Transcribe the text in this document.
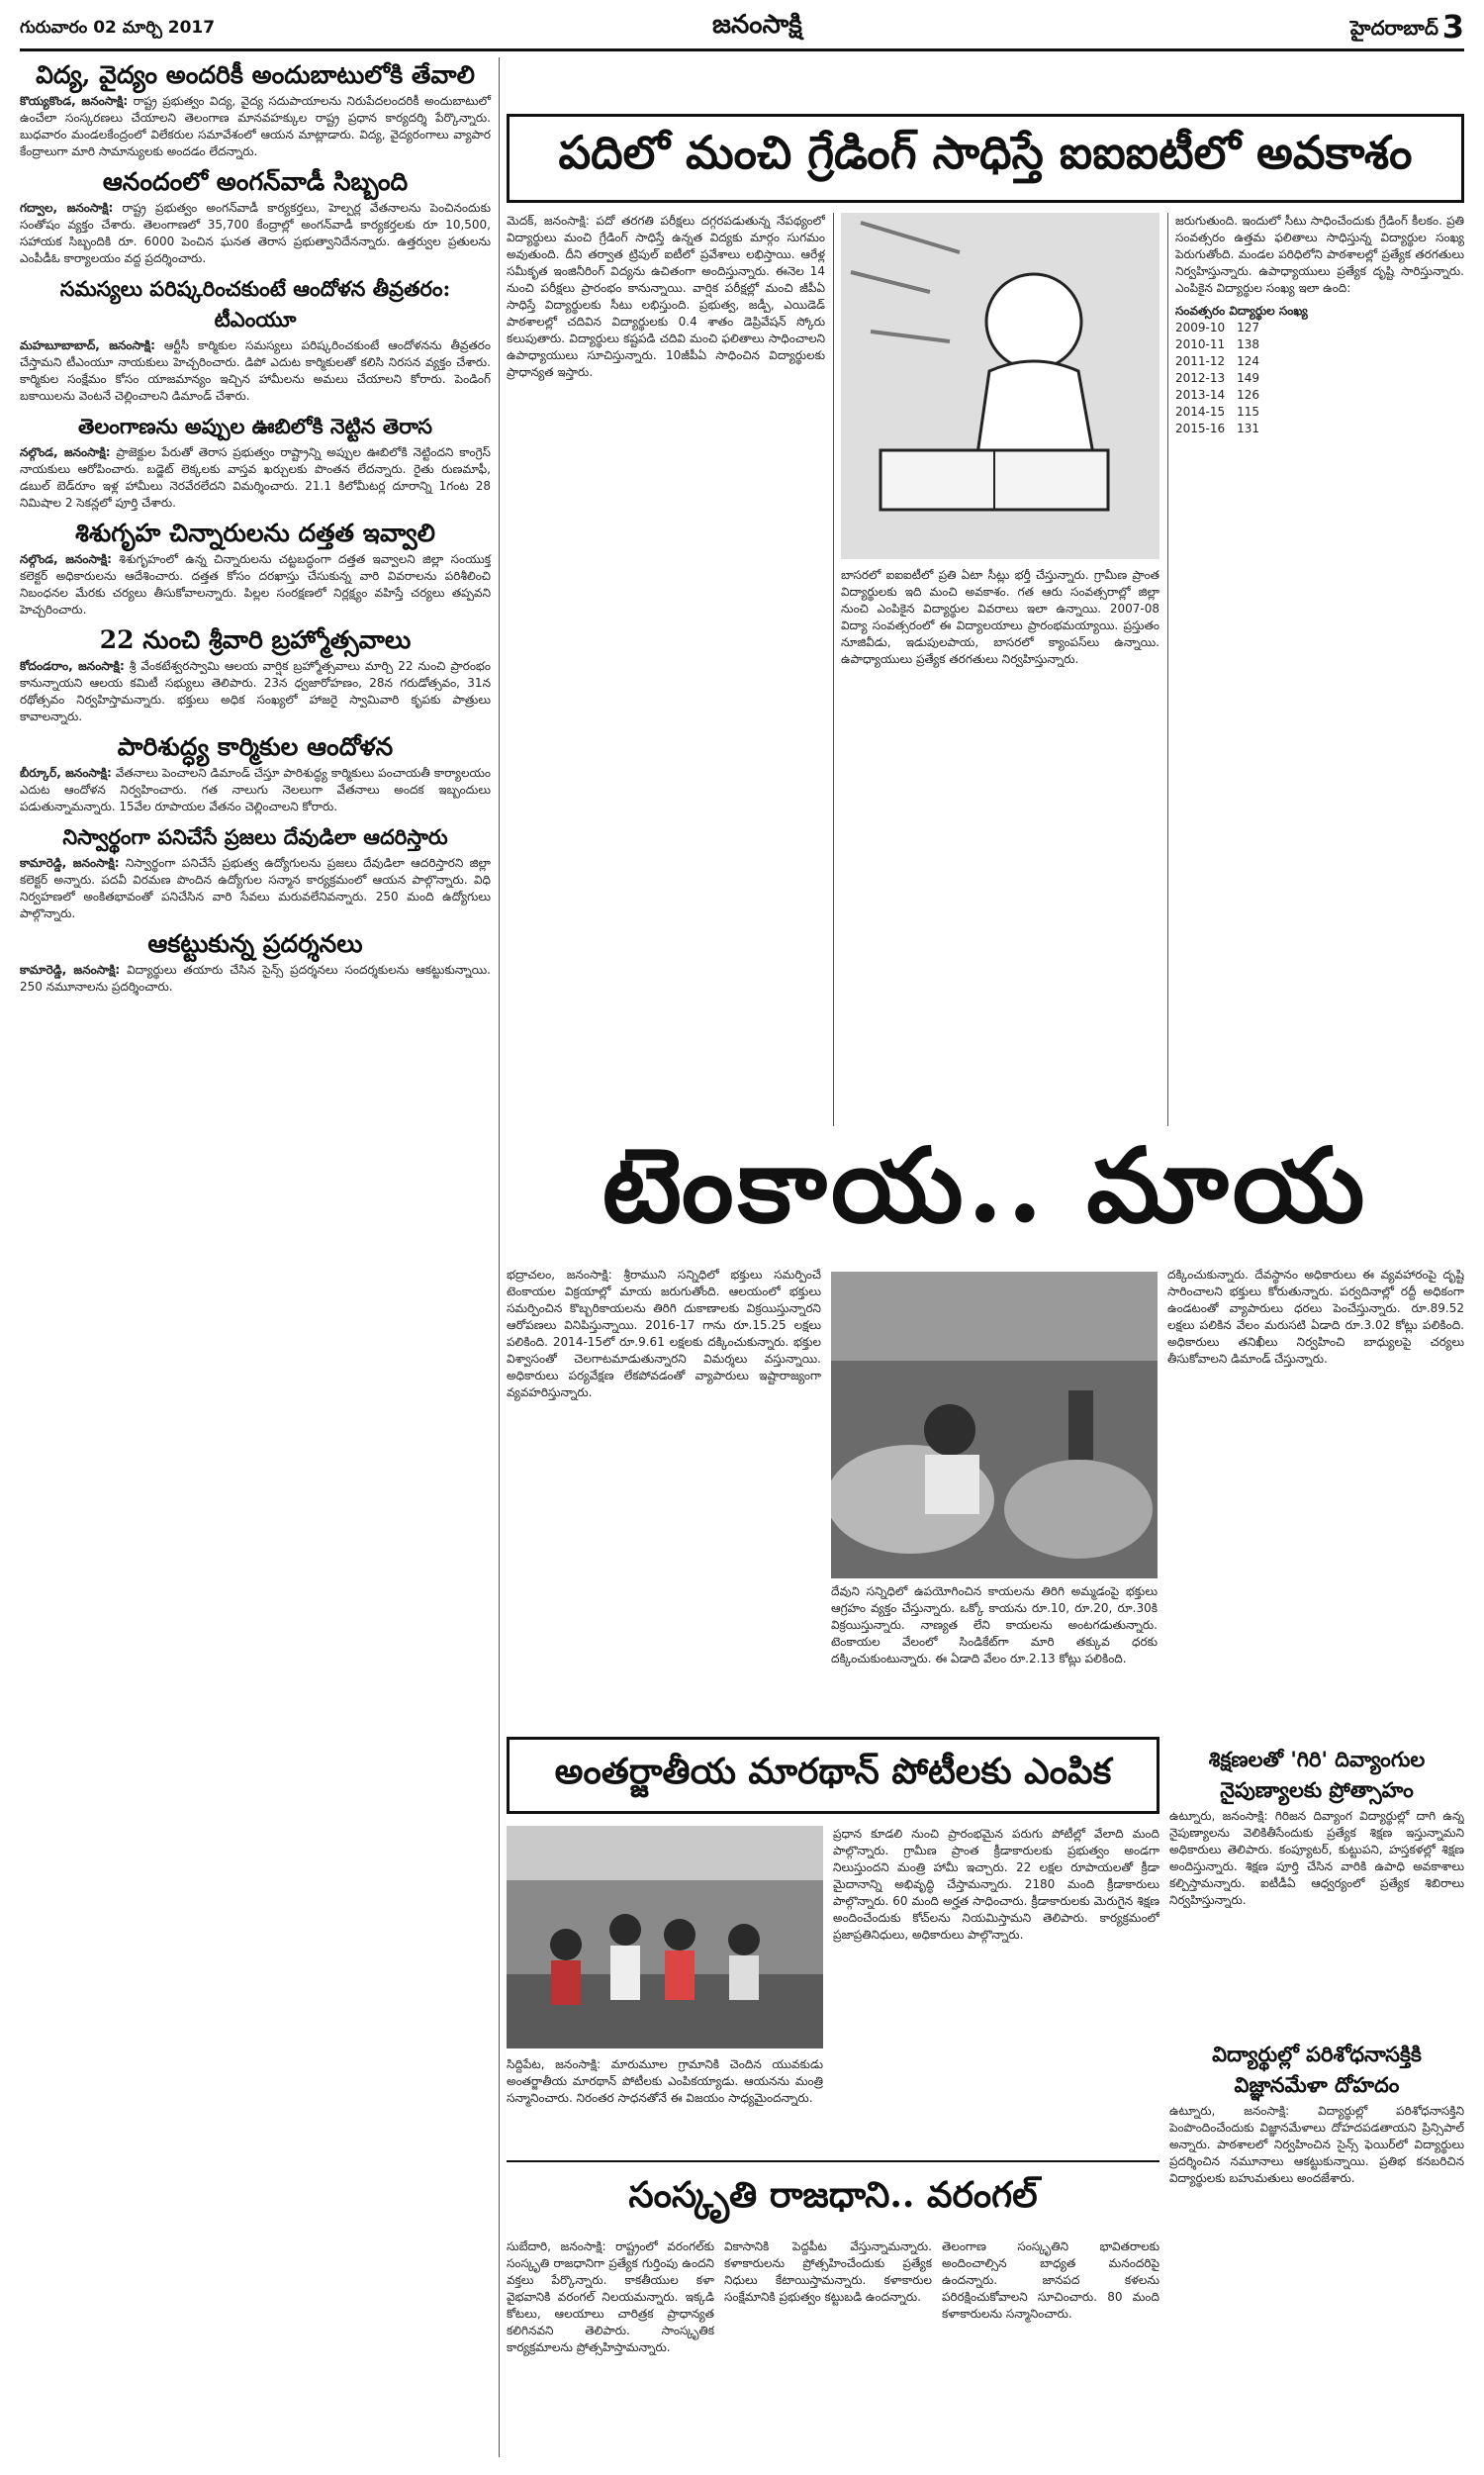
గురువారం 02 మార్చి 2017	జనంసాక్షి	హైదరాబాద్ 3
విద్య, వైద్యం అందరికీ అందుబాటులోకి తేవాలి
కొయ్యకొండ, జనంసాక్షి: రాష్ట్ర ప్రభుత్వం విద్య, వైద్య సదుపాయాలను నిరుపేదలందరికీ అందుబాటులో ఉంచేలా సంస్కరణలు చేయాలని తెలంగాణ మానవహక్కుల రాష్ట్ర ప్రధాన కార్యదర్శి పేర్కొన్నారు. బుధవారం మండలకేంద్రంలో విలేకరుల సమావేశంలో ఆయన మాట్లాడారు. విద్య, వైద్యరంగాలు వ్యాపార కేంద్రాలుగా మారి సామాన్యులకు అందడం లేదన్నారు.
ఆనందంలో అంగన్‌వాడీ సిబ్బంది
గద్వాల, జనంసాక్షి: రాష్ట్ర ప్రభుత్వం అంగన్‌వాడీ కార్యకర్తలు, హెల్పర్ల వేతనాలను పెంచినందుకు సంతోషం వ్యక్తం చేశారు. తెలంగాణలో 35,700 కేంద్రాల్లో అంగన్‌వాడీ కార్యకర్తలకు రూ 10,500, సహాయక సిబ్బందికి రూ. 6000 పెంచిన ఘనత తెరాస ప్రభుత్వానిదేనన్నారు. ఉత్తర్వుల ప్రతులను ఎంపీడీఓ కార్యాలయం వద్ద ప్రదర్శించారు.
సమస్యలు పరిష్కరించకుంటే ఆందోళన తీవ్రతరం: టీఎంయూ
మహబూబాబాద్, జనంసాక్షి: ఆర్టీసీ కార్మికుల సమస్యలు పరిష్కరించకుంటే ఆందోళనను తీవ్రతరం చేస్తామని టీఎంయూ నాయకులు హెచ్చరించారు. డిపో ఎదుట కార్మికులతో కలిసి నిరసన వ్యక్తం చేశారు. కార్మికుల సంక్షేమం కోసం యాజమాన్యం ఇచ్చిన హామీలను అమలు చేయాలని కోరారు. పెండింగ్ బకాయిలను వెంటనే చెల్లించాలని డిమాండ్ చేశారు.
తెలంగాణను అప్పుల ఊబిలోకి నెట్టిన తెరాస
నల్గొండ, జనంసాక్షి: ప్రాజెక్టుల పేరుతో తెరాస ప్రభుత్వం రాష్ట్రాన్ని అప్పుల ఊబిలోకి నెట్టిందని కాంగ్రెస్ నాయకులు ఆరోపించారు. బడ్జెట్ లెక్కలకు వాస్తవ ఖర్చులకు పొంతన లేదన్నారు. రైతు రుణమాఫీ, డబుల్ బెడ్‌రూం ఇళ్ల హామీలు నెరవేరలేదని విమర్శించారు. 21.1 కిలోమీటర్ల దూరాన్ని 1గంట 28 నిమిషాల 2 సెకన్లలో పూర్తి చేశారు.
శిశుగృహ చిన్నారులను దత్తత ఇవ్వాలి
నల్గొండ, జనంసాక్షి: శిశుగృహంలో ఉన్న చిన్నారులను చట్టబద్ధంగా దత్తత ఇవ్వాలని జిల్లా సంయుక్త కలెక్టర్ అధికారులను ఆదేశించారు. దత్తత కోసం దరఖాస్తు చేసుకున్న వారి వివరాలను పరిశీలించి నిబంధనల మేరకు చర్యలు తీసుకోవాలన్నారు. పిల్లల సంరక్షణలో నిర్లక్ష్యం వహిస్తే చర్యలు తప్పవని హెచ్చరించారు.
22 నుంచి శ్రీవారి బ్రహ్మోత్సవాలు
కోదండరాం, జనంసాక్షి: శ్రీ వేంకటేశ్వరస్వామి ఆలయ వార్షిక బ్రహ్మోత్సవాలు మార్చి 22 నుంచి ప్రారంభం కానున్నాయని ఆలయ కమిటీ సభ్యులు తెలిపారు. 23న ధ్వజారోహణం, 28న గరుడోత్సవం, 31న రథోత్సవం నిర్వహిస్తామన్నారు. భక్తులు అధిక సంఖ్యలో హాజరై స్వామివారి కృపకు పాత్రులు కావాలన్నారు.
పారిశుద్ధ్య కార్మికుల ఆందోళన
బీర్కూర్, జనంసాక్షి: వేతనాలు పెంచాలని డిమాండ్ చేస్తూ పారిశుద్ధ్య కార్మికులు పంచాయతీ కార్యాలయం ఎదుట ఆందోళన నిర్వహించారు. గత నాలుగు నెలలుగా వేతనాలు అందక ఇబ్బందులు పడుతున్నామన్నారు. 15వేల రూపాయల వేతనం చెల్లించాలని కోరారు.
నిస్వార్థంగా పనిచేసే ప్రజలు దేవుడిలా ఆదరిస్తారు
కామారెడ్డి, జనంసాక్షి: నిస్వార్థంగా పనిచేసే ప్రభుత్వ ఉద్యోగులను ప్రజలు దేవుడిలా ఆదరిస్తారని జిల్లా కలెక్టర్ అన్నారు. పదవీ విరమణ పొందిన ఉద్యోగుల సన్మాన కార్యక్రమంలో ఆయన పాల్గొన్నారు. విధి నిర్వహణలో అంకితభావంతో పనిచేసిన వారి సేవలు మరువలేనివన్నారు. 250 మంది ఉద్యోగులు పాల్గొన్నారు.
ఆకట్టుకున్న ప్రదర్శనలు
కామారెడ్డి, జనంసాక్షి: విద్యార్థులు తయారు చేసిన సైన్స్ ప్రదర్శనలు సందర్శకులను ఆకట్టుకున్నాయి. 250 నమూనాలను ప్రదర్శించారు.
పదిలో మంచి గ్రేడింగ్ సాధిస్తే ఐఐఐటీలో అవకాశం

మెదక్, జనంసాక్షి: పదో తరగతి పరీక్షలు దగ్గరపడుతున్న నేపథ్యంలో విద్యార్థులు మంచి గ్రేడింగ్ సాధిస్తే ఉన్నత విద్యకు మార్గం సుగమం అవుతుంది. దీని తర్వాత ట్రిపుల్ ఐటీలో ప్రవేశాలు లభిస్తాయి. ఆరేళ్ల సమీకృత ఇంజినీరింగ్ విద్యను ఉచితంగా అందిస్తున్నారు. ఈనెల 14 నుంచి పరీక్షలు ప్రారంభం కానున్నాయి. వార్షిక పరీక్షల్లో మంచి జీపీఏ సాధిస్తే విద్యార్థులకు సీటు లభిస్తుంది. ప్రభుత్వ, జడ్పీ, ఎయిడెడ్ పాఠశాలల్లో చదివిన విద్యార్థులకు 0.4 శాతం డెప్రివేషన్ స్కోరు కలుపుతారు. విద్యార్థులు కష్టపడి చదివి మంచి ఫలితాలు సాధించాలని ఉపాధ్యాయులు సూచిస్తున్నారు. 10జీపీఏ సాధించిన విద్యార్థులకు ప్రాధాన్యత ఇస్తారు.

బాసరలో ఐఐఐటీలో ప్రతి ఏటా సీట్లు భర్తీ చేస్తున్నారు. గ్రామీణ ప్రాంత విద్యార్థులకు ఇది మంచి అవకాశం. గత ఆరు సంవత్సరాల్లో జిల్లా నుంచి ఎంపికైన విద్యార్థుల వివరాలు ఇలా ఉన్నాయి. 2007-08 విద్యా సంవత్సరంలో ఈ విద్యాలయాలు ప్రారంభమయ్యాయి. ప్రస్తుతం నూజివీడు, ఇడుపులపాయ, బాసరలో క్యాంపస్‌లు ఉన్నాయి. ఉపాధ్యాయులు ప్రత్యేక తరగతులు నిర్వహిస్తున్నారు.

జరుగుతుంది. ఇందులో సీటు సాధించేందుకు గ్రేడింగ్ కీలకం. ప్రతి సంవత్సరం ఉత్తమ ఫలితాలు సాధిస్తున్న విద్యార్థుల సంఖ్య పెరుగుతోంది. మండల పరిధిలోని పాఠశాలల్లో ప్రత్యేక తరగతులు నిర్వహిస్తున్నారు. ఉపాధ్యాయులు ప్రత్యేక దృష్టి సారిస్తున్నారు. ఎంపికైన విద్యార్థుల సంఖ్య ఇలా ఉంది:

సంవత్సరం విద్యార్థుల సంఖ్య

2009-10 127
2010-11 138
2011-12 124
2012-13 149
2013-14 126
2014-15 115
2015-16 131
టెంకాయ.. మాయ

భద్రాచలం, జనంసాక్షి: శ్రీరాముని సన్నిధిలో భక్తులు సమర్పించే టెంకాయల విక్రయాల్లో మాయ జరుగుతోంది. ఆలయంలో భక్తులు సమర్పించిన కొబ్బరికాయలను తిరిగి దుకాణాలకు విక్రయిస్తున్నారని ఆరోపణలు వినిపిస్తున్నాయి. 2016-17 గాను రూ.15.25 లక్షలు పలికింది. 2014-15లో రూ.9.61 లక్షలకు దక్కించుకున్నారు. భక్తుల విశ్వాసంతో చెలగాటమాడుతున్నారని విమర్శలు వస్తున్నాయి. అధికారులు పర్యవేక్షణ లేకపోవడంతో వ్యాపారులు ఇష్టారాజ్యంగా వ్యవహరిస్తున్నారు.

దేవుని సన్నిధిలో ఉపయోగించిన కాయలను తిరిగి అమ్మడంపై భక్తులు ఆగ్రహం వ్యక్తం చేస్తున్నారు. ఒక్కో కాయను రూ.10, రూ.20, రూ.30కి విక్రయిస్తున్నారు. నాణ్యత లేని కాయలను అంటగడుతున్నారు. టెంకాయల వేలంలో సిండికేట్‌గా మారి తక్కువ ధరకు దక్కించుకుంటున్నారు. ఈ ఏడాది వేలం రూ.2.13 కోట్లు పలికింది.

దక్కించుకున్నారు. దేవస్థానం అధికారులు ఈ వ్యవహారంపై దృష్టి సారించాలని భక్తులు కోరుతున్నారు. పర్వదినాల్లో రద్దీ అధికంగా ఉండటంతో వ్యాపారులు ధరలు పెంచేస్తున్నారు. రూ.89.52 లక్షలు పలికిన వేలం మరుసటి ఏడాది రూ.3.02 కోట్లు పలికింది. అధికారులు తనిఖీలు నిర్వహించి బాధ్యులపై చర్యలు తీసుకోవాలని డిమాండ్ చేస్తున్నారు.

అంతర్జాతీయ మారథాన్ పోటీలకు ఎంపిక

సిద్దిపేట, జనంసాక్షి: మారుమూల గ్రామానికి చెందిన యువకుడు అంతర్జాతీయ మారథాన్ పోటీలకు ఎంపికయ్యాడు. ఆయనను మంత్రి సన్మానించారు. నిరంతర సాధనతోనే ఈ విజయం సాధ్యమైందన్నారు.

ప్రధాన కూడలి నుంచి ప్రారంభమైన పరుగు పోటీల్లో వేలాది మంది పాల్గొన్నారు. గ్రామీణ ప్రాంత క్రీడాకారులకు ప్రభుత్వం అండగా నిలుస్తుందని మంత్రి హామీ ఇచ్చారు. 22 లక్షల రూపాయలతో క్రీడా మైదానాన్ని అభివృద్ధి చేస్తామన్నారు. 2180 మంది క్రీడాకారులు పాల్గొన్నారు. 60 మంది అర్హత సాధించారు. క్రీడాకారులకు మెరుగైన శిక్షణ అందించేందుకు కోచ్‌లను నియమిస్తామని తెలిపారు. కార్యక్రమంలో ప్రజాప్రతినిధులు, అధికారులు పాల్గొన్నారు.

శిక్షణలతో 'గిరి' దివ్యాంగుల నైపుణ్యాలకు ప్రోత్సాహం

ఉట్నూరు, జనంసాక్షి: గిరిజన దివ్యాంగ విద్యార్థుల్లో దాగి ఉన్న నైపుణ్యాలను వెలికితీసేందుకు ప్రత్యేక శిక్షణ ఇస్తున్నామని అధికారులు తెలిపారు. కంప్యూటర్, కుట్టుపని, హస్తకళల్లో శిక్షణ అందిస్తున్నారు. శిక్షణ పూర్తి చేసిన వారికి ఉపాధి అవకాశాలు కల్పిస్తామన్నారు. ఐటీడీఏ ఆధ్వర్యంలో ప్రత్యేక శిబిరాలు నిర్వహిస్తున్నారు.

విద్యార్థుల్లో పరిశోధనాసక్తికి విజ్ఞానమేళా దోహదం

ఉట్నూరు, జనంసాక్షి: విద్యార్థుల్లో పరిశోధనాసక్తిని పెంపొందించేందుకు విజ్ఞానమేళాలు దోహదపడతాయని ప్రిన్సిపాల్ అన్నారు. పాఠశాలలో నిర్వహించిన సైన్స్ ఫెయిర్‌లో విద్యార్థులు ప్రదర్శించిన నమూనాలు ఆకట్టుకున్నాయి. ప్రతిభ కనబరిచిన విద్యార్థులకు బహుమతులు అందజేశారు.

సంస్కృతి రాజధాని.. వరంగల్

సుబేదారి, జనంసాక్షి: రాష్ట్రంలో వరంగల్‌కు సంస్కృతి రాజధానిగా ప్రత్యేక గుర్తింపు ఉందని వక్తలు పేర్కొన్నారు. కాకతీయుల కళా వైభవానికి వరంగల్ నిలయమన్నారు. ఇక్కడి కోటలు, ఆలయాలు చారిత్రక ప్రాధాన్యత కలిగినవని తెలిపారు. సాంస్కృతిక కార్యక్రమాలను ప్రోత్సహిస్తామన్నారు.

వికాసానికి పెద్దపీట వేస్తున్నామన్నారు. కళాకారులను ప్రోత్సహించేందుకు ప్రత్యేక నిధులు కేటాయిస్తామన్నారు. కళాకారుల సంక్షేమానికి ప్రభుత్వం కట్టుబడి ఉందన్నారు.

తెలంగాణ సంస్కృతిని భావితరాలకు అందించాల్సిన బాధ్యత మనందరిపై ఉందన్నారు. జానపద కళలను పరిరక్షించుకోవాలని సూచించారు. 80 మంది కళాకారులను సన్మానించారు.
